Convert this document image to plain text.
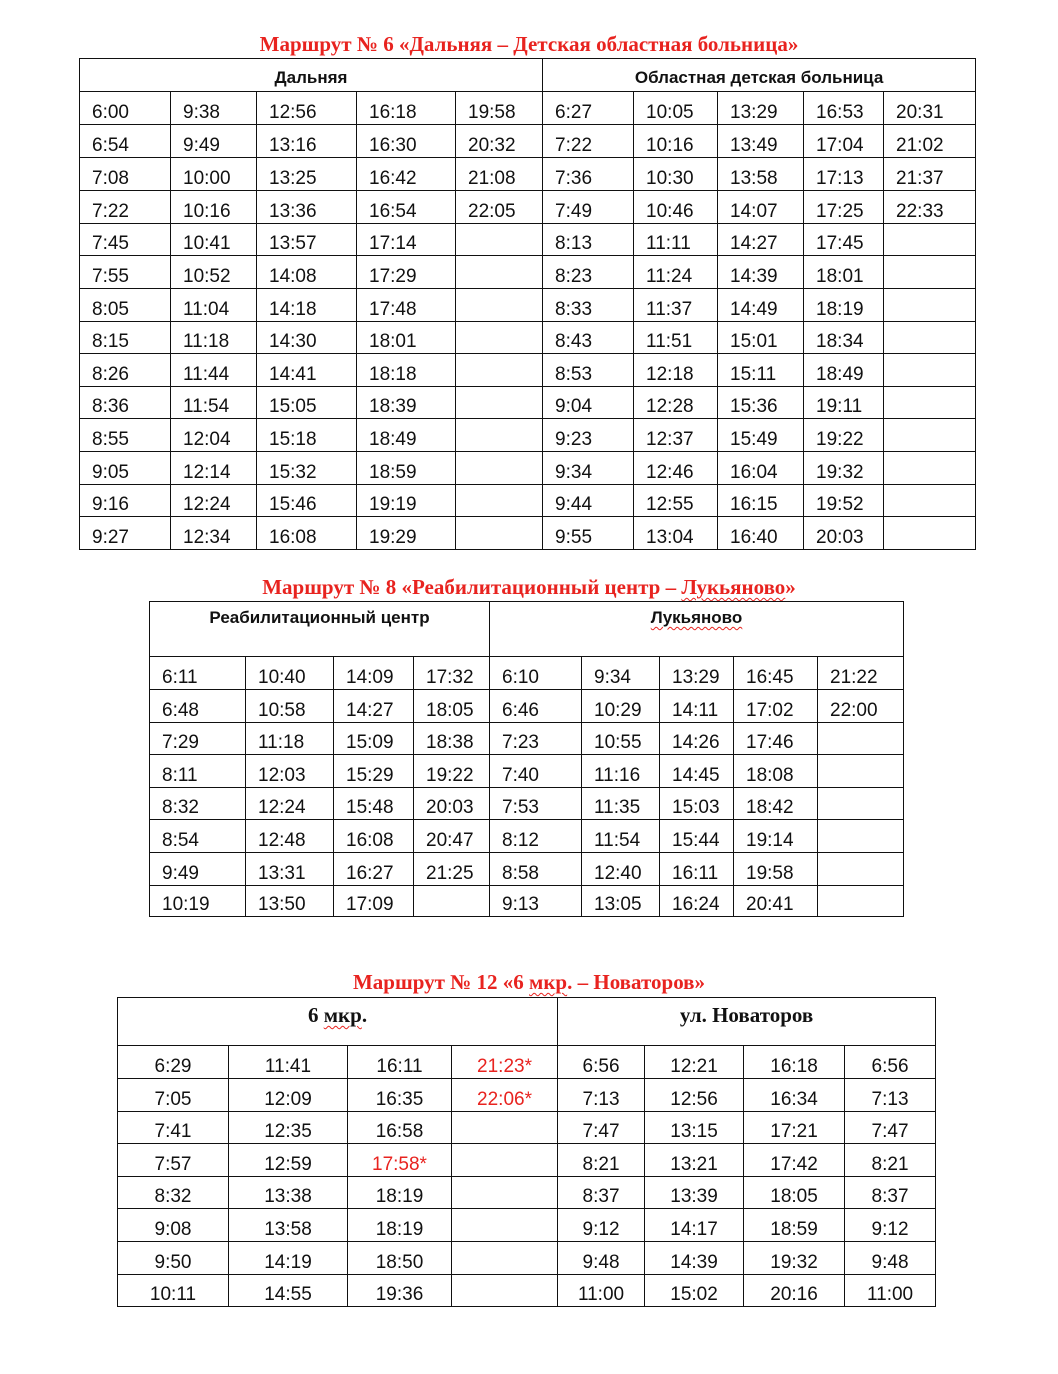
Маршрут № 6 «Дальняя – Детская областная больница»
Дальняя					Областная детская больница				
6:00	9:38	12:56	16:18	19:58	6:27	10:05	13:29	16:53	20:31
6:54	9:49	13:16	16:30	20:32	7:22	10:16	13:49	17:04	21:02
7:08	10:00	13:25	16:42	21:08	7:36	10:30	13:58	17:13	21:37
7:22	10:16	13:36	16:54	22:05	7:49	10:46	14:07	17:25	22:33
7:45	10:41	13:57	17:14		8:13	11:11	14:27	17:45	
7:55	10:52	14:08	17:29		8:23	11:24	14:39	18:01	
8:05	11:04	14:18	17:48		8:33	11:37	14:49	18:19	
8:15	11:18	14:30	18:01		8:43	11:51	15:01	18:34	
8:26	11:44	14:41	18:18		8:53	12:18	15:11	18:49	
8:36	11:54	15:05	18:39		9:04	12:28	15:36	19:11	
8:55	12:04	15:18	18:49		9:23	12:37	15:49	19:22	
9:05	12:14	15:32	18:59		9:34	12:46	16:04	19:32	
9:16	12:24	15:46	19:19		9:44	12:55	16:15	19:52	
9:27	12:34	16:08	19:29		9:55	13:04	16:40	20:03	
Маршрут № 8 «Реабилитационный центр – Лукьяново»
Реабилитационный центр				Лукьяново				
6:11	10:40	14:09	17:32	6:10	9:34	13:29	16:45	21:22
6:48	10:58	14:27	18:05	6:46	10:29	14:11	17:02	22:00
7:29	11:18	15:09	18:38	7:23	10:55	14:26	17:46	
8:11	12:03	15:29	19:22	7:40	11:16	14:45	18:08	
8:32	12:24	15:48	20:03	7:53	11:35	15:03	18:42	
8:54	12:48	16:08	20:47	8:12	11:54	15:44	19:14	
9:49	13:31	16:27	21:25	8:58	12:40	16:11	19:58	
10:19	13:50	17:09		9:13	13:05	16:24	20:41	
Маршрут № 12 «6 мкр. – Новаторов»
6 мкр.				ул. Новаторов			
6:29	11:41	16:11	21:23*	6:56	12:21	16:18	6:56
7:05	12:09	16:35	22:06*	7:13	12:56	16:34	7:13
7:41	12:35	16:58		7:47	13:15	17:21	7:47
7:57	12:59	17:58*		8:21	13:21	17:42	8:21
8:32	13:38	18:19		8:37	13:39	18:05	8:37
9:08	13:58	18:19		9:12	14:17	18:59	9:12
9:50	14:19	18:50		9:48	14:39	19:32	9:48
10:11	14:55	19:36		11:00	15:02	20:16	11:00
